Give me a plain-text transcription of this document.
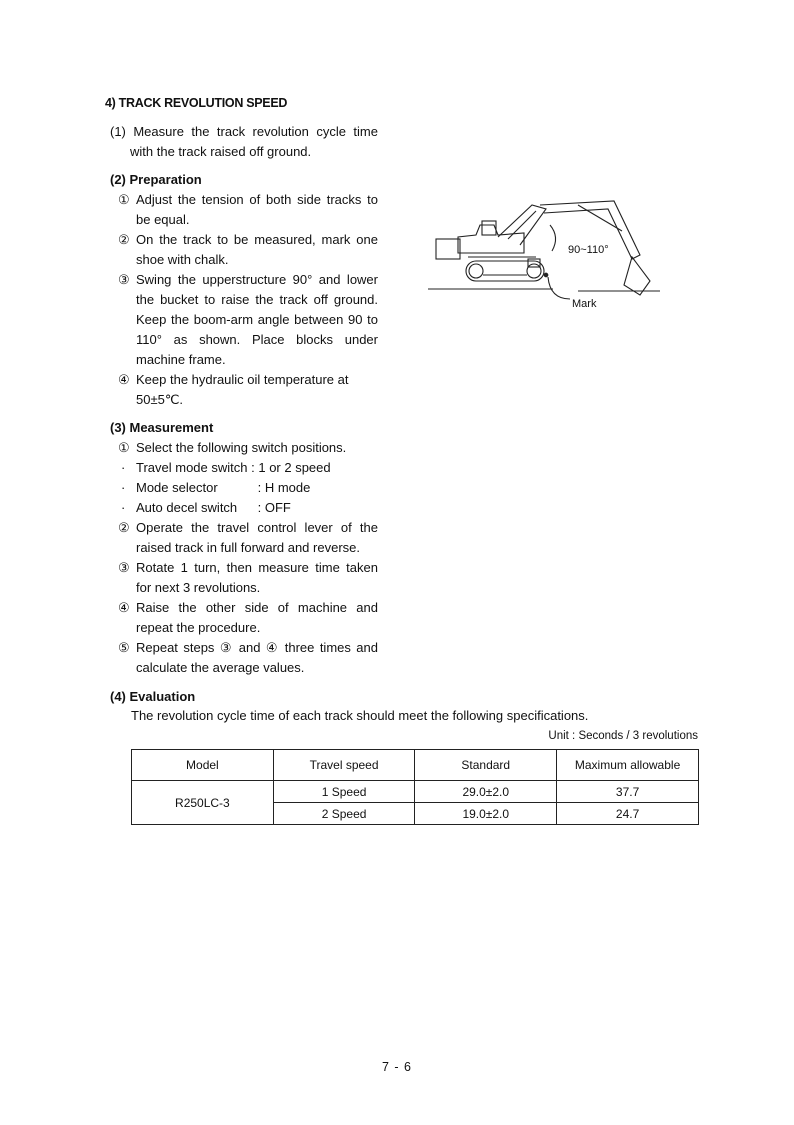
4) TRACK REVOLUTION SPEED
(1) Measure the track revolution cycle time
with the track raised off ground.
(2) Preparation
① Adjust the tension of both side tracks to
be equal.
② On the track to be measured, mark one
shoe with chalk.
③ Swing the upperstructure 90° and lower
the bucket to raise the track off ground.
Keep the boom-arm angle between 90 to
110° as shown. Place blocks under
machine frame.
④ Keep the hydraulic oil temperature at
50±5℃.
90~110°
Mark
(3) Measurement
① Select the following switch positions.
· Travel mode switch : 1 or 2 speed
· Mode selector	: H mode
· Auto decel switch : OFF
② Operate the travel control lever of the
raised track in full forward and reverse.
③ Rotate 1 turn, then measure time taken
for next 3 revolutions.
④ Raise the other side of machine and
repeat the procedure.
⑤ Repeat steps ③ and ④ three times and
calculate the average values.
(4) Evaluation
The revolution cycle time of each track should meet the following specifications.
Unit : Seconds / 3 revolutions
Model	Travel speed	Standard	Maximum allowable
R250LC-3	1 Speed	29.0±2.0	37.7
	2 Speed	19.0±2.0	24.7
7 - 6
